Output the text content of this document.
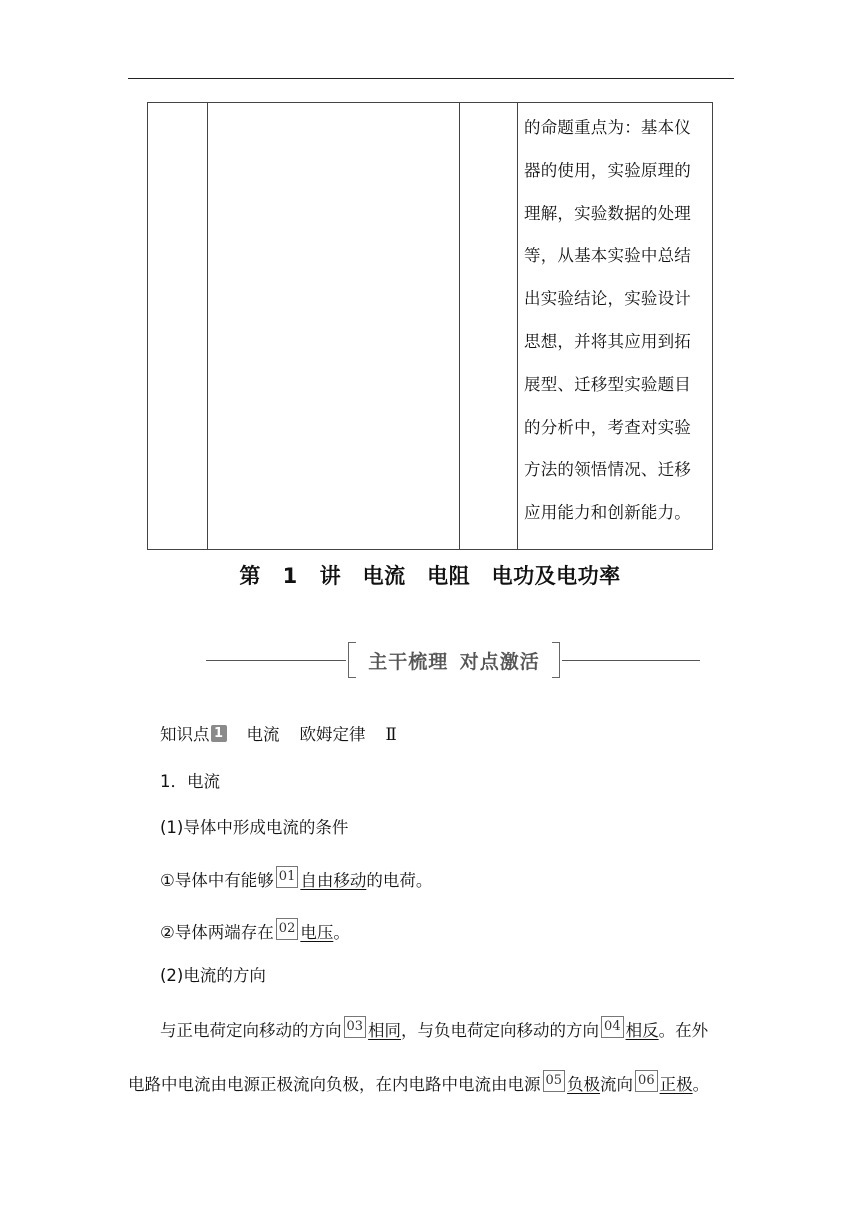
的命题重点为：基本仪
器的使用，实验原理的
理解，实验数据的处理
等，从基本实验中总结
出实验结论，实验设计
思想，并将其应用到拓
展型、迁移型实验题目
的分析中，考查对实验
方法的领悟情况、迁移
应用能力和创新能力。
第 1 讲　电流　电阻　电功及电功率
主干梳理 对点激活
知识点 1 电流 欧姆定律 Ⅱ
1．电流
(1)导体中形成电流的条件
①导体中有能够 01 自由移动的电荷。
②导体两端存在 02 电压。
(2)电流的方向
与正电荷定向移动的方向 03 相同，与负电荷定向移动的方向 04 相反。在外
电路中电流由电源正极流向负极，在内电路中电流由电源 05 负极流向 06 正极。
